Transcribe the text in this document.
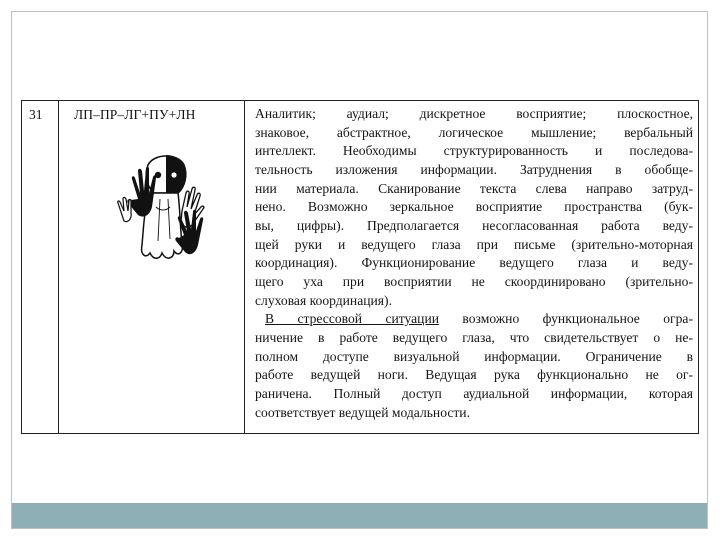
31 ЛП–ПР–ЛГ+ПУ+ЛН	Аналитик; аудиал; дискретное восприятие; плоскостное,
знаковое, абстрактное, логическое мышление; вербальный
интеллект. Необходимы структурированность и последова-
тельность изложения информации. Затруднения в обобще-
нии материала. Сканирование текста слева направо затруд-
нено. Возможно зеркальное восприятие пространства (бук-
вы, цифры). Предполагается несогласованная работа веду-
щей руки и ведущего глаза при письме (зрительно-моторная
координация). Функционирование ведущего глаза и веду-
щего уха при восприятии не скоординировано (зрительно-
слуховая координация).
В стрессовой ситуации возможно функциональное огра-
ничение в работе ведущего глаза, что свидетельствует о не-
полном доступе визуальной информации. Ограничение в
работе ведущей ноги. Ведущая рука функционально не ог-
раничена. Полный доступ аудиальной информации, которая
соответствует ведущей модальности.
